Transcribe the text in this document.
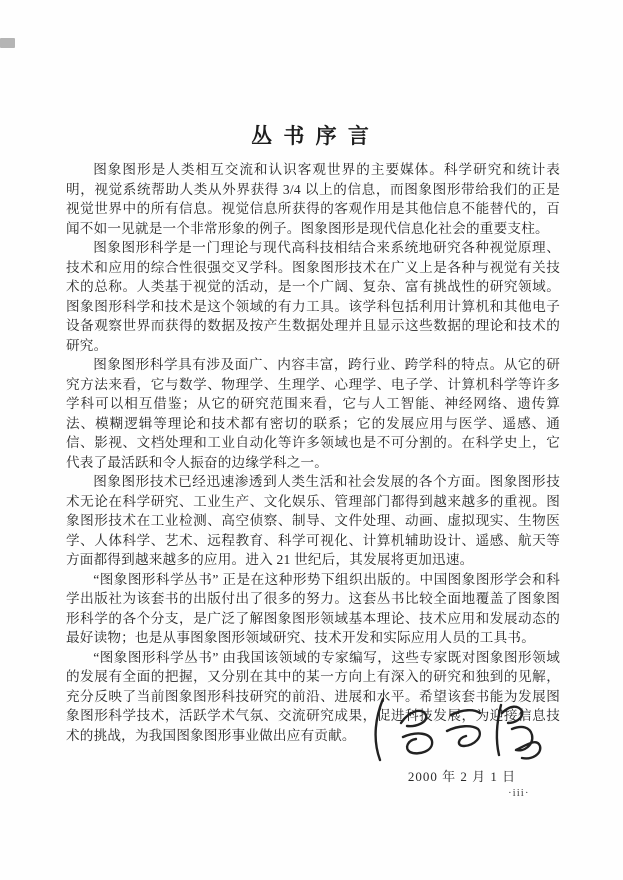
丛 书 序 言

图象图形是人类相互交流和认识客观世界的主要媒体。科学研究和统计表明，视觉系统帮助人类从外界获得 3/4 以上的信息，而图象图形带给我们的正是视觉世界中的所有信息。视觉信息所获得的客观作用是其他信息不能替代的，百闻不如一见就是一个非常形象的例子。图象图形是现代信息化社会的重要支柱。

图象图形科学是一门理论与现代高科技相结合来系统地研究各种视觉原理、技术和应用的综合性很强交叉学科。图象图形技术在广义上是各种与视觉有关技术的总称。人类基于视觉的活动，是一个广阔、复杂、富有挑战性的研究领域。图象图形科学和技术是这个领域的有力工具。该学科包括利用计算机和其他电子设备观察世界而获得的数据及按产生数据处理并且显示这些数据的理论和技术的研究。

图象图形科学具有涉及面广、内容丰富，跨行业、跨学科的特点。从它的研究方法来看，它与数学、物理学、生理学、心理学、电子学、计算机科学等许多学科可以相互借鉴；从它的研究范围来看，它与人工智能、神经网络、遗传算法、模糊逻辑等理论和技术都有密切的联系；它的发展应用与医学、遥感、通信、影视、文档处理和工业自动化等许多领域也是不可分割的。在科学史上，它代表了最活跃和令人振奋的边缘学科之一。

图象图形技术已经迅速渗透到人类生活和社会发展的各个方面。图象图形技术无论在科学研究、工业生产、文化娱乐、管理部门都得到越来越多的重视。图象图形技术在工业检测、高空侦察、制导、文件处理、动画、虚拟现实、生物医学、人体科学、艺术、远程教育、科学可视化、计算机辅助设计、遥感、航天等方面都得到越来越多的应用。进入 21 世纪后，其发展将更加迅速。

“图象图形科学丛书” 正是在这种形势下组织出版的。中国图象图形学会和科学出版社为该套书的出版付出了很多的努力。这套丛书比较全面地覆盖了图象图形科学的各个分支，是广泛了解图象图形领域基本理论、技术应用和发展动态的最好读物；也是从事图象图形领域研究、技术开发和实际应用人员的工具书。

“图象图形科学丛书” 由我国该领域的专家编写，这些专家既对图象图形领域的发展有全面的把握，又分别在其中的某一方向上有深入的研究和独到的见解，充分反映了当前图象图形科技研究的前沿、进展和水平。希望该套书能为发展图象图形科学技术，活跃学术气氛、交流研究成果，促进科技发展，为迎接信息技术的挑战，为我国图象图形事业做出应有贡献。

2000 年 2 月 1 日
·iii·
